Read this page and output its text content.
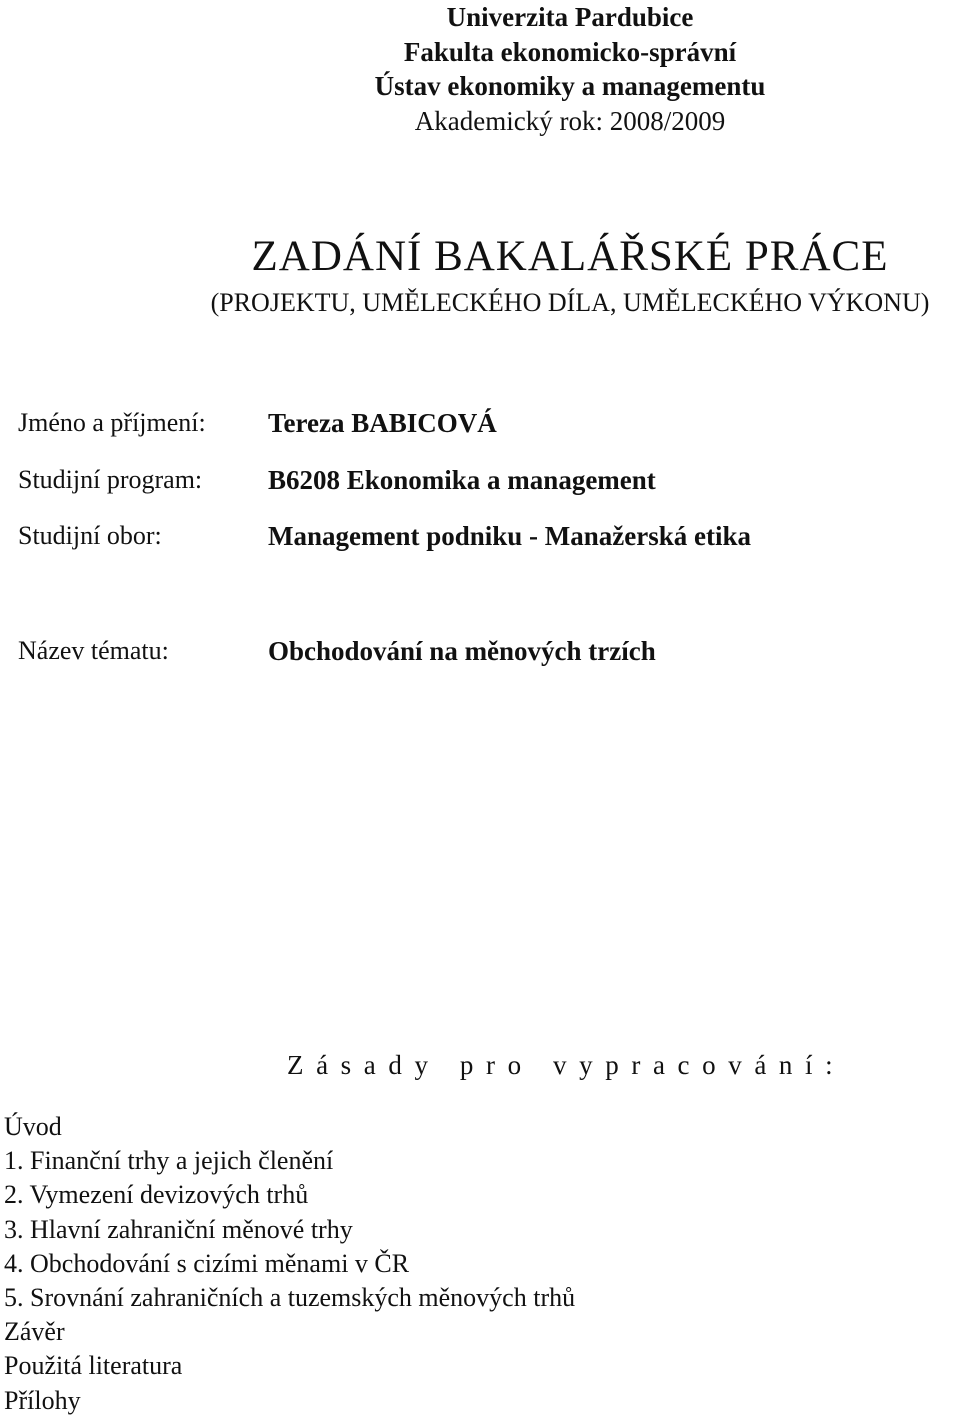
Univerzita Pardubice
Fakulta ekonomicko-správní
Ústav ekonomiky a managementu
Akademický rok: 2008/2009
ZADÁNÍ BAKALÁŘSKÉ PRÁCE
(PROJEKTU, UMĚLECKÉHO DÍLA, UMĚLECKÉHO VÝKONU)
Jméno a příjmení: Tereza BABICOVÁ
Studijní program: B6208 Ekonomika a management
Studijní obor:	Management podniku - Manažerská etika
Název tématu:	Obchodování na měnových trzích
Zásady pro vypracování:
Úvod
1. Finanční trhy a jejich členění
2. Vymezení devizových trhů
3. Hlavní zahraniční měnové trhy
4. Obchodování s cizími měnami v ČR
5. Srovnání zahraničních a tuzemských měnových trhů
Závěr
Použitá literatura
Přílohy
